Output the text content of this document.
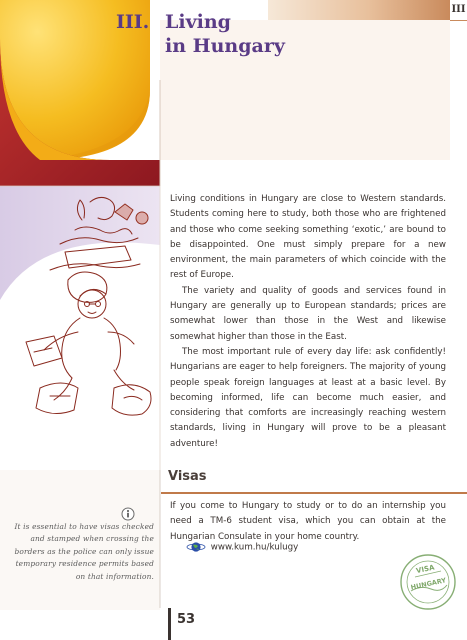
III
III. Living
in Hungary

Living conditions in Hungary are close to Western standards. Students coming here to study, both those who are frightened and those who come seeking something ‘exotic,’ are bound to be disappointed. One must simply prepare for a new environment, the main parameters of which coincide with the rest of Europe.

The variety and quality of goods and services found in Hungary are generally up to European standards; prices are somewhat lower than those in the West and likewise somewhat higher than those in the East.

The most important rule of every day life: ask confidently! Hungarians are eager to help foreigners. The majority of young people speak foreign languages at least at a basic level. By becoming informed, life can become much easier, and considering that comforts are increasingly reaching western standards, living in Hungary will prove to be a pleasant adventure!

Visas

If you come to Hungary to study or to do an internship you need a TM-6 student visa, which you can obtain at the Hungarian Consulate in your home country.

www.kum.hu/kulugy
It is essential to have visas checked and stamped when crossing the borders as the police can only issue temporary residence permits based on that information.
VISA
HUNGARY
53
